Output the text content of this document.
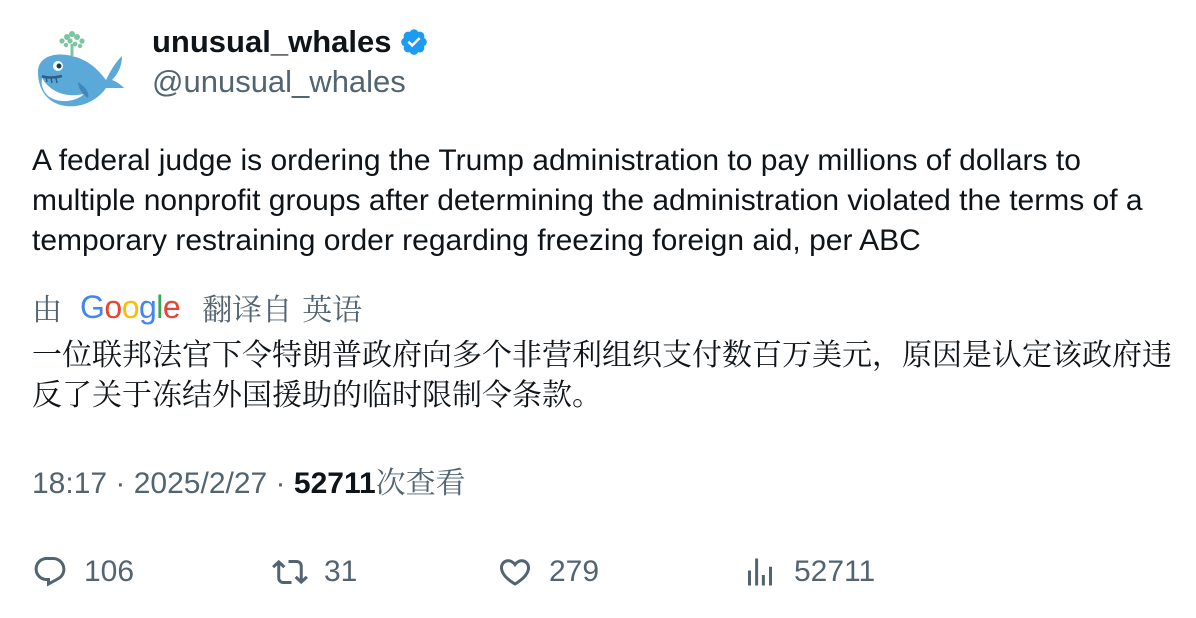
unusual_whales
@unusual_whales
A federal judge is ordering the Trump administration to pay millions of dollars to multiple nonprofit groups after determining the administration violated the terms of a temporary restraining order regarding freezing foreign aid, per ABC
由 G o o g l e 翻译自 英语
一位联邦法官下令特朗普政府向多个非营利组织支付数百万美元，原因是认定该政府违反了关于冻结外国援助的临时限制令条款。
18:17 · 2025/2/27 · 52711 次查看
106	31	279	52711
